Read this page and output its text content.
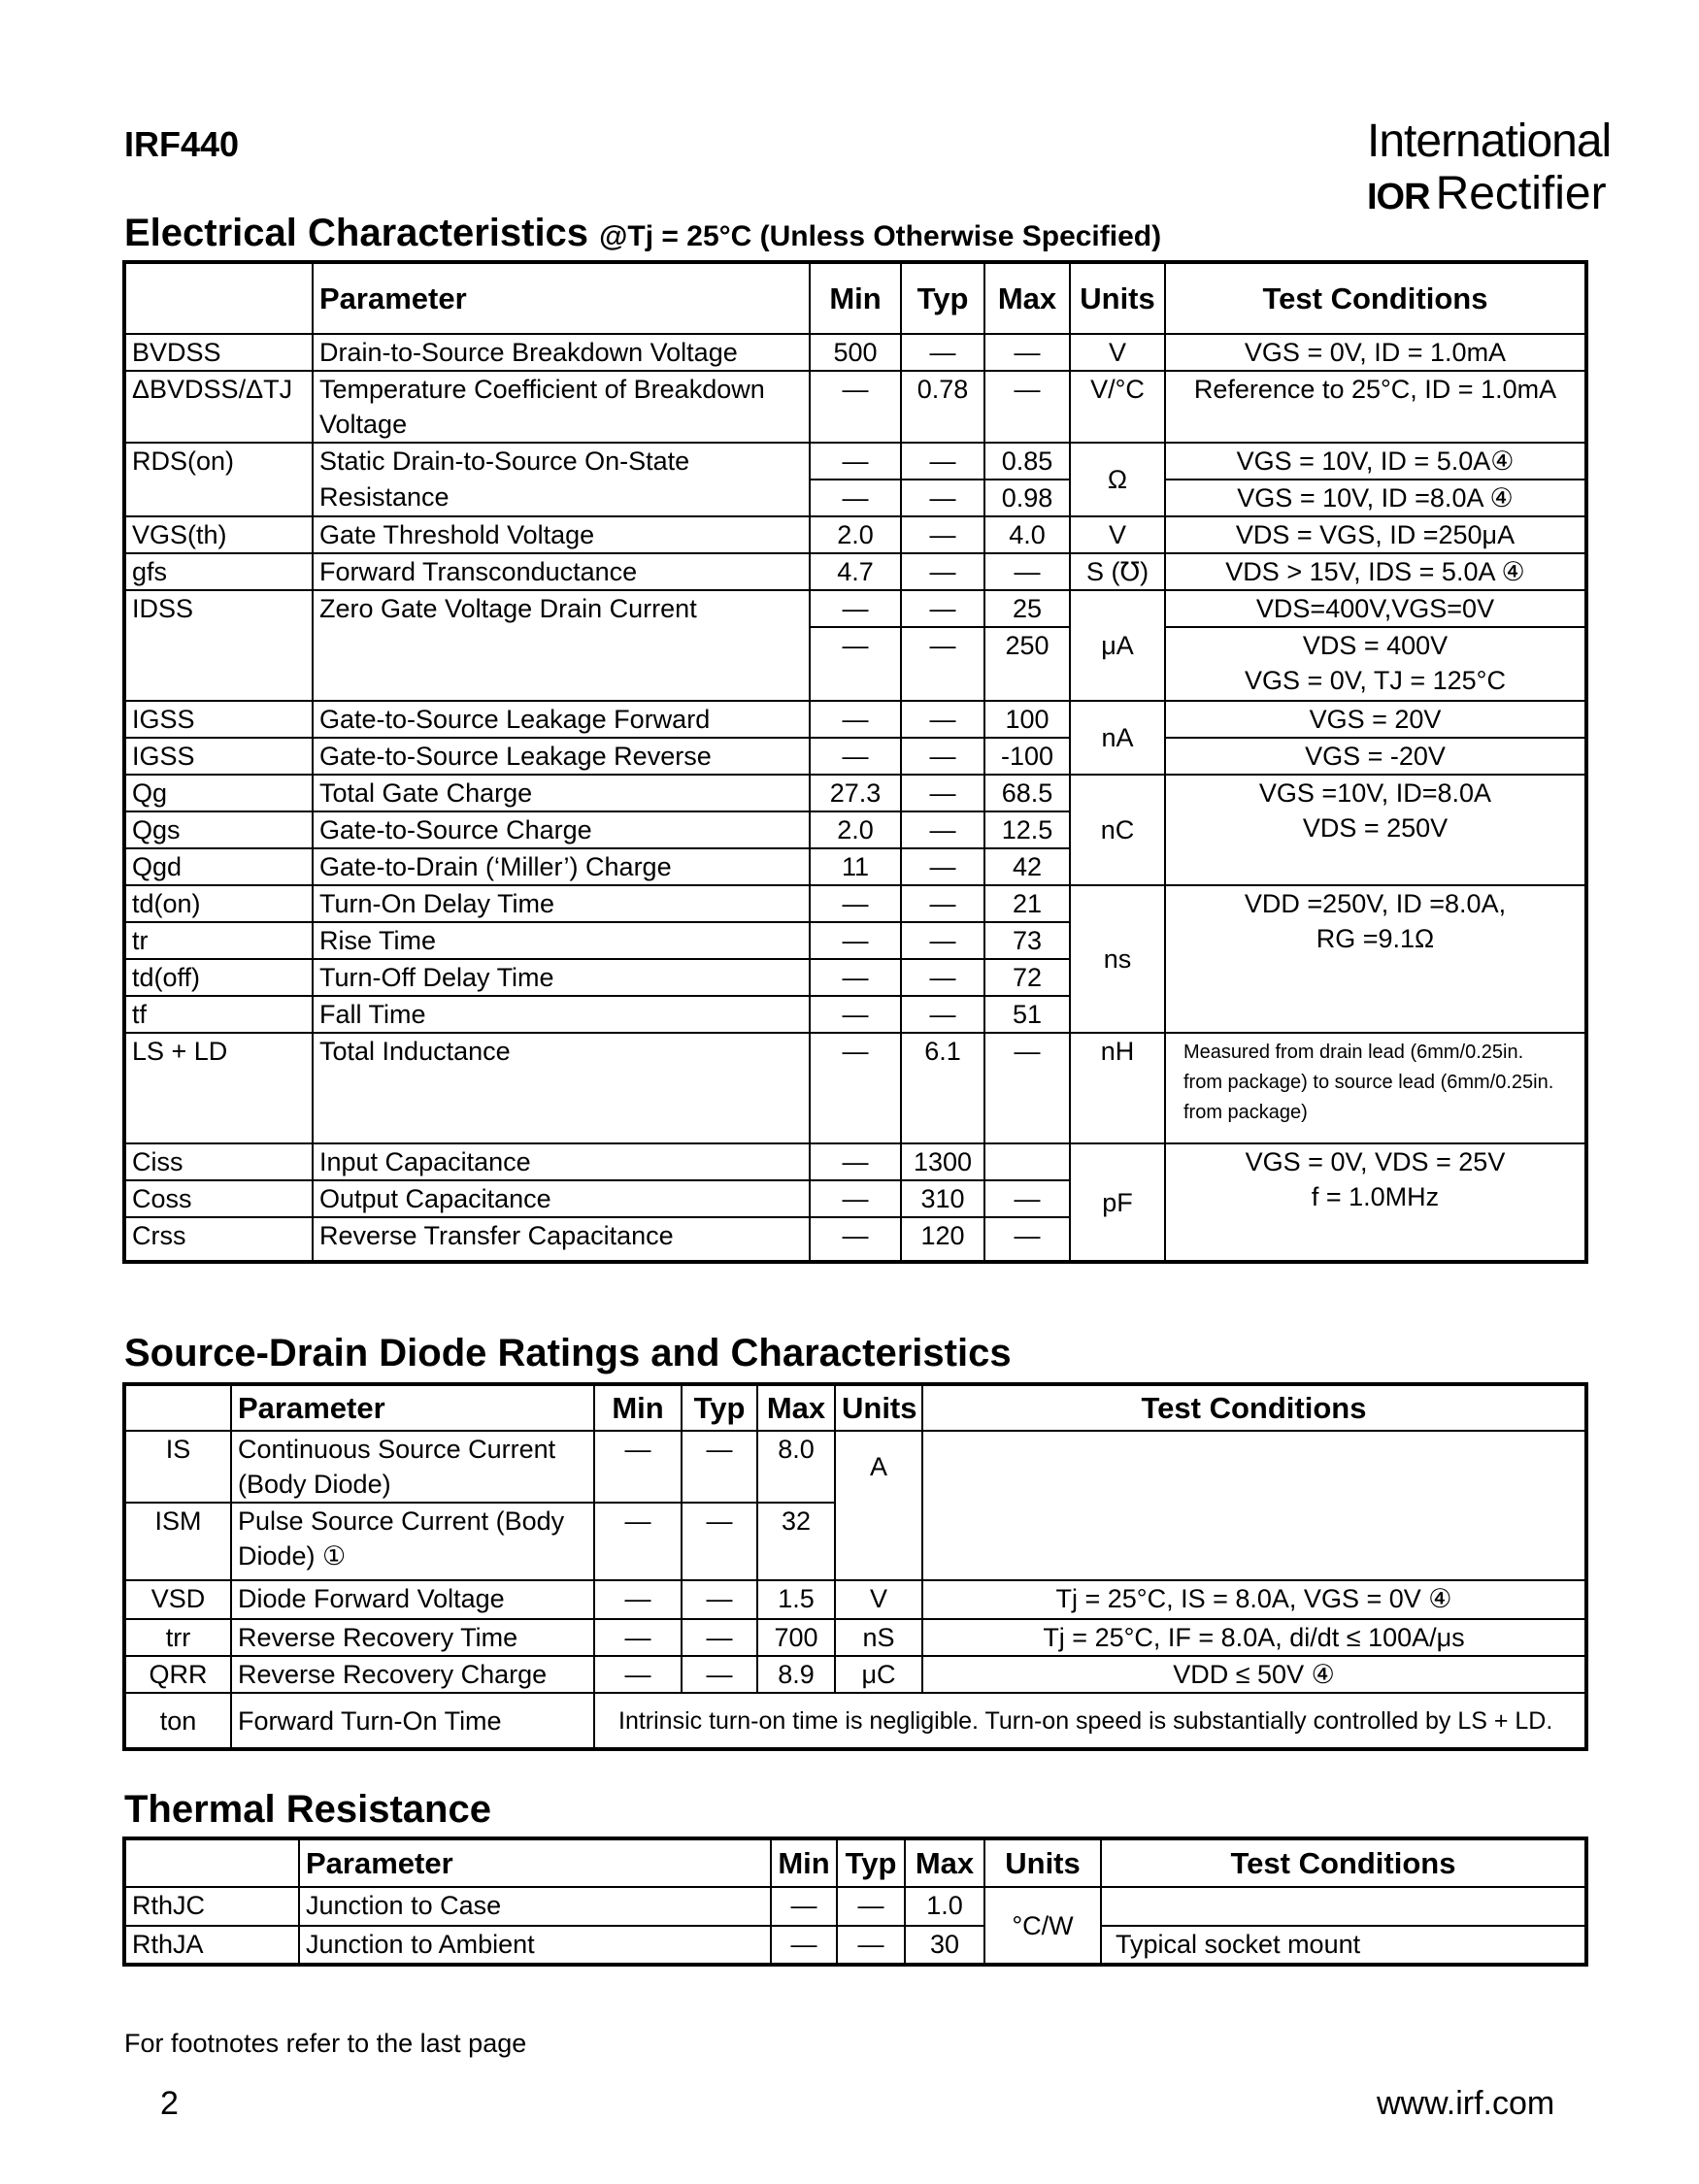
IRF440	International
IOR Rectifier
Electrical Characteristics @Tj = 25°C (Unless Otherwise Specified)
	Parameter	Min	Typ	Max	Units	Test Conditions
BVDSS	Drain-to-Source Breakdown Voltage	500	—	—	V	VGS = 0V, ID = 1.0mA
ΔBVDSS/ΔTJ	Temperature Coefficient of Breakdown Voltage	—	0.78	—	V/°C	Reference to 25°C, ID = 1.0mA
RDS(on)	Static Drain-to-Source On-State	—	—	0.85	Ω	VGS = 10V, ID = 5.0A④
	Resistance	—	—	0.98		VGS = 10V, ID =8.0A ④
VGS(th)	Gate Threshold Voltage	2.0	—	4.0	V	VDS = VGS, ID =250μA
gfs	Forward Transconductance	4.7	—	—	S (℧)	VDS > 15V, IDS = 5.0A ④
IDSS	Zero Gate Voltage Drain Current	—	—	25	μA	VDS=400V,VGS=0V
		—	—	250		VDS = 400V
VGS = 0V, TJ = 125°C

IGSS	Gate-to-Source Leakage Forward	—	—	100	nA	VGS = 20V
IGSS	Gate-to-Source Leakage Reverse	—	—	-100		VGS = -20V
Qg	Total Gate Charge	27.3	—	68.5	nC	VGS =10V, ID=8.0A
VDS = 250V

Qgs	Gate-to-Source Charge	2.0	—	12.5		
Qgd	Gate-to-Drain (‘Miller’) Charge	11	—	42		
td(on)	Turn-On Delay Time	—	—	21	ns	VDD =250V, ID =8.0A,
RG =9.1Ω

tr	Rise Time	—	—	73		
td(off)	Turn-Off Delay Time	—	—	72		
tf	Fall Time	—	—	51		
LS + LD	Total Inductance	—	6.1	—	nH	Measured from drain lead (6mm/0.25in. from package) to source lead (6mm/0.25in. from package)
Ciss	Input Capacitance	—	1300		pF	VGS = 0V, VDS = 25V
f = 1.0MHz

Coss	Output Capacitance	—	310	—		
Crss	Reverse Transfer Capacitance	—	120	—		
Source-Drain Diode Ratings and Characteristics
	Parameter	Min	Typ	Max	Units	Test Conditions
IS	Continuous Source Current (Body Diode)	—	—	8.0	A	
ISM	Pulse Source Current (Body Diode) ①	—	—	32		
VSD	Diode Forward Voltage	—	—	1.5	V	Tj = 25°C, IS = 8.0A, VGS = 0V ④
trr	Reverse Recovery Time	—	—	700	nS	Tj = 25°C, IF = 8.0A, di/dt ≤ 100A/μs
QRR	Reverse Recovery Charge	—	—	8.9	μC	VDD ≤ 50V ④
ton	Forward Turn-On Time	Intrinsic turn-on time is negligible. Turn-on speed is substantially controlled by LS + LD.				
Thermal Resistance
	Parameter	Min	Typ	Max	Units	Test Conditions
RthJC	Junction to Case	—	—	1.0	°C/W	
RthJA	Junction to Ambient	—	—	30		Typical socket mount
For footnotes refer to the last page
2	www.irf.com
